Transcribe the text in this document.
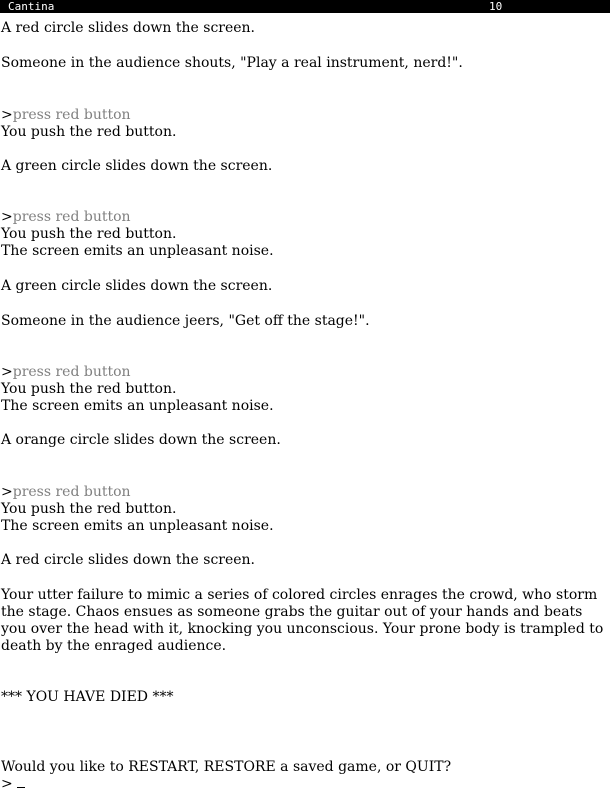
Cantina	10
A red circle slides down the screen.
Someone in the audience shouts, "Play a real instrument, nerd!".
>press red button
You push the red button.
A green circle slides down the screen.
>press red button
You push the red button.
The screen emits an unpleasant noise.
A green circle slides down the screen.
Someone in the audience jeers, "Get off the stage!".
>press red button
You push the red button.
The screen emits an unpleasant noise.
A orange circle slides down the screen.
>press red button
You push the red button.
The screen emits an unpleasant noise.
A red circle slides down the screen.
Your utter failure to mimic a series of colored circles enrages the crowd, who storm the stage. Chaos ensues as someone grabs the guitar out of your hands and beats you over the head with it, knocking you unconscious. Your prone body is trampled to death by the enraged audience.
*** YOU HAVE DIED ***
Would you like to RESTART, RESTORE a saved game, or QUIT?
>
